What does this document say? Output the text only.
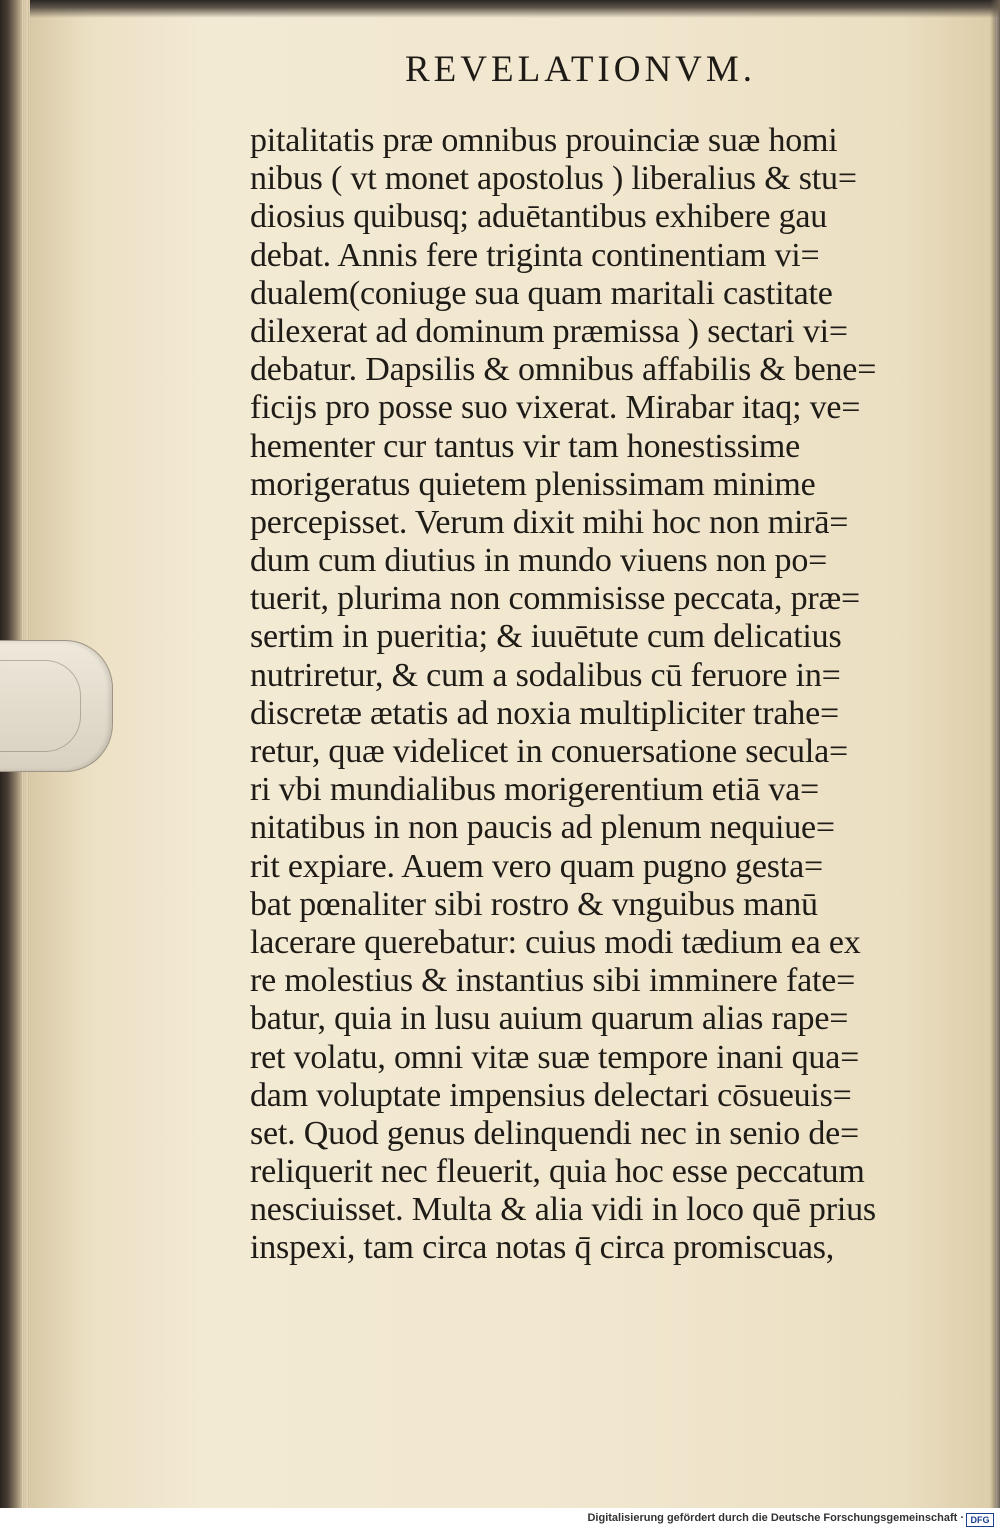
REVELATIONVM.
pitalitatis præ omnibus prouinciæ suæ homi
nibus ( vt monet apostolus ) liberalius & stu=
diosius quibusq; aduētantibus exhibere gau
debat. Annis fere triginta continentiam vi=
dualem(coniuge sua quam maritali castitate
dilexerat ad dominum præmissa ) sectari vi=
debatur. Dapsilis & omnibus affabilis & bene=
ficijs pro posse suo vixerat. Mirabar itaq; ve=
hementer cur tantus vir tam honestissime
morigeratus quietem plenissimam minime
percepisset. Verum dixit mihi hoc non mirā=
dum cum diutius in mundo viuens non po=
tuerit, plurima non commisisse peccata, præ=
sertim in pueritia; & iuuētute cum delicatius
nutriretur, & cum a sodalibus cū feruore in=
discretæ ætatis ad noxia multipliciter trahe=
retur, quæ videlicet in conuersatione secula=
ri vbi mundialibus morigerentium etiā va=
nitatibus in non paucis ad plenum nequiue=
rit expiare. Auem vero quam pugno gesta=
bat pœnaliter sibi rostro & vnguibus manū
lacerare querebatur: cuius modi tædium ea ex
re molestius & instantius sibi imminere fate=
batur, quia in lusu auium quarum alias rape=
ret volatu, omni vitæ suæ tempore inani qua=
dam voluptate impensius delectari cōsueuis=
set. Quod genus delinquendi nec in senio de=
reliquerit nec fleuerit, quia hoc esse peccatum
nesciuisset. Multa & alia vidi in loco quē prius
inspexi, tam circa notas q̄ circa promiscuas,
Digitalisierung gefördert durch die Deutsche Forschungsgemeinschaft · DFG
